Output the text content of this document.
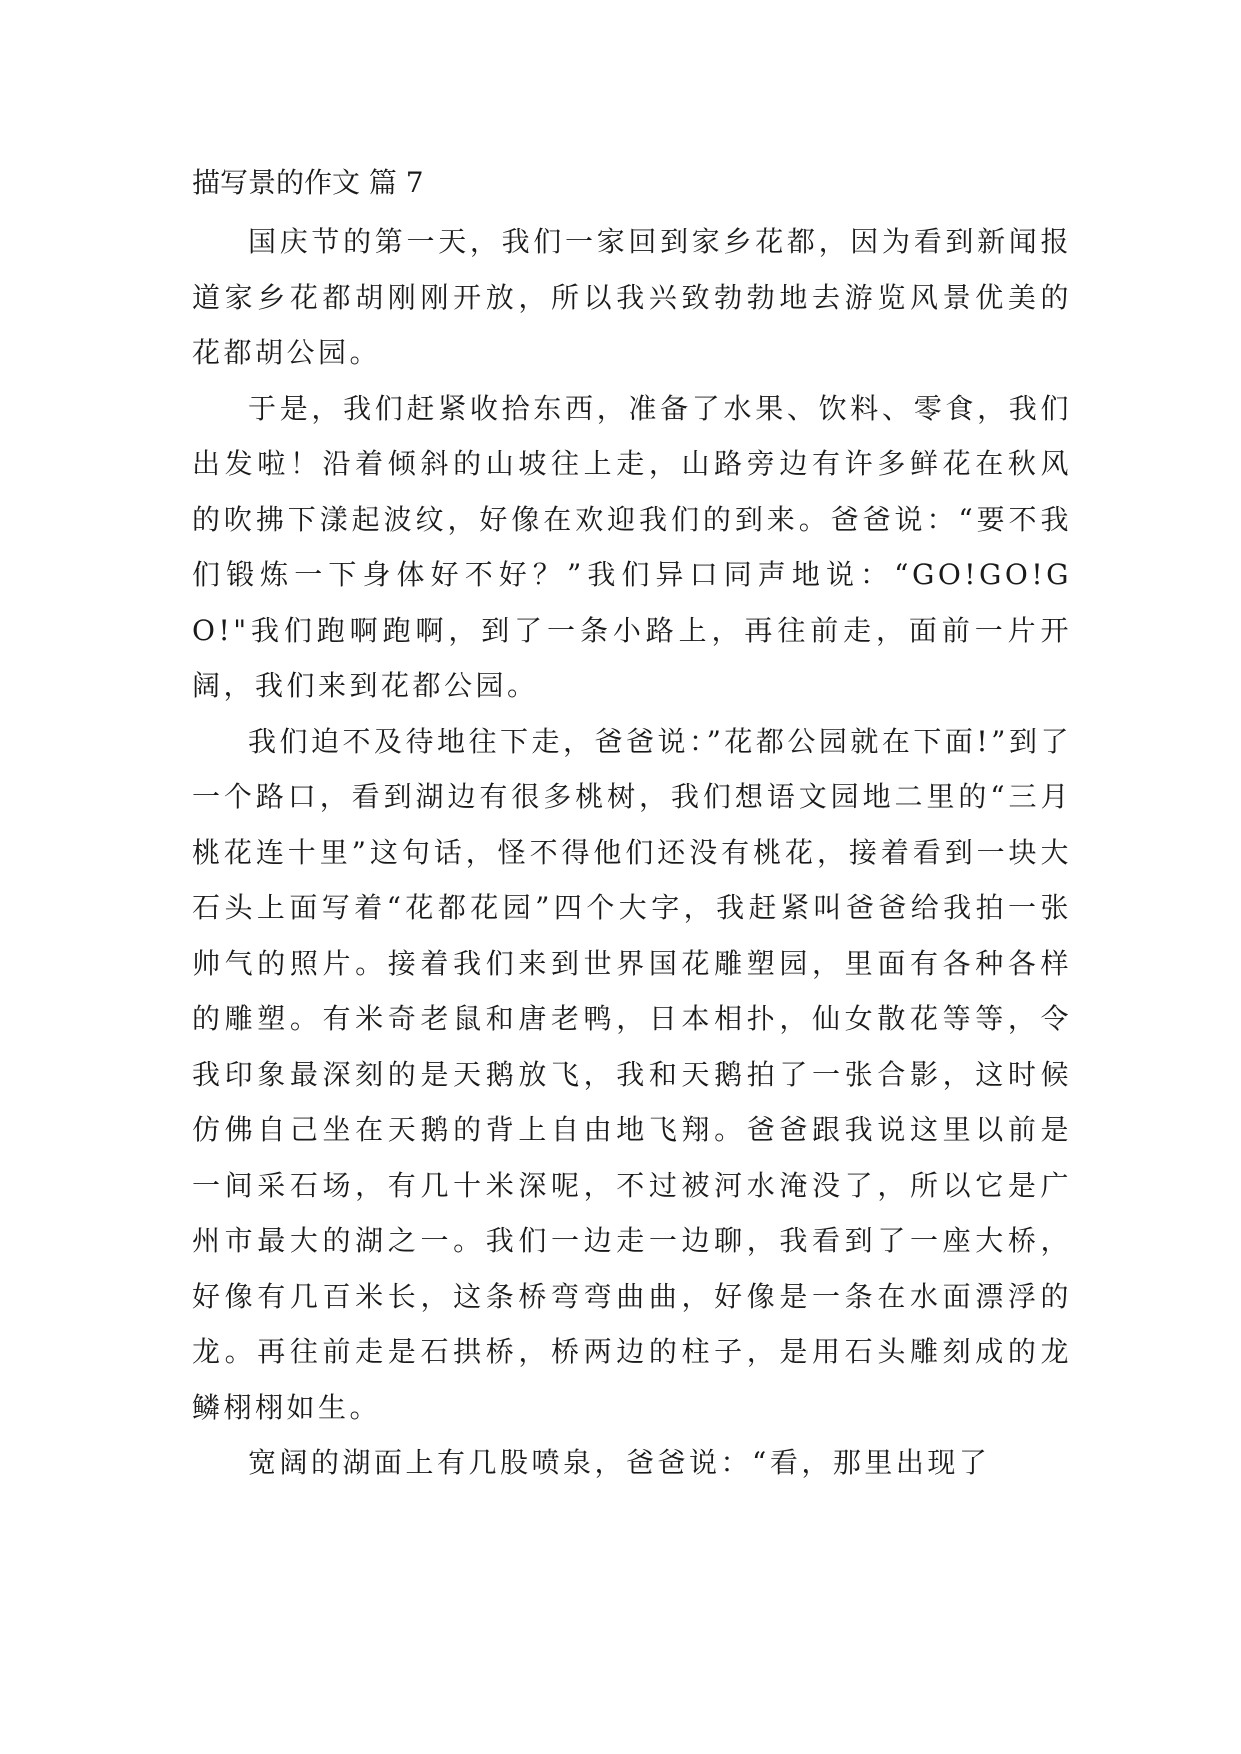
描写景的作文 篇 7

国庆节的第一天，我们一家回到家乡花都，因为看到新闻报道家乡花都胡刚刚开放，所以我兴致勃勃地去游览风景优美的花都胡公园。

于是，我们赶紧收拾东西，准备了水果、饮料、零食，我们出发啦！沿着倾斜的山坡往上走，山路旁边有许多鲜花在秋风的吹拂下漾起波纹，好像在欢迎我们的到来。爸爸说：“要不我们锻炼一下身体好不好？”我们异口同声地说：“GO!GO!GO!"我们跑啊跑啊，到了一条小路上，再往前走，面前一片开阔，我们来到花都公园。

我们迫不及待地往下走，爸爸说：”花都公园就在下面!”到了一个路口，看到湖边有很多桃树，我们想语文园地二里的“三月桃花连十里”这句话，怪不得他们还没有桃花，接着看到一块大石头上面写着“花都花园”四个大字，我赶紧叫爸爸给我拍一张帅气的照片。接着我们来到世界国花雕塑园，里面有各种各样的雕塑。有米奇老鼠和唐老鸭，日本相扑，仙女散花等等，令我印象最深刻的是天鹅放飞，我和天鹅拍了一张合影，这时候仿佛自己坐在天鹅的背上自由地飞翔。爸爸跟我说这里以前是一间采石场，有几十米深呢，不过被河水淹没了，所以它是广州市最大的湖之一。我们一边走一边聊，我看到了一座大桥，好像有几百米长，这条桥弯弯曲曲，好像是一条在水面漂浮的龙。再往前走是石拱桥，桥两边的柱子，是用石头雕刻成的龙鳞栩栩如生。

宽阔的湖面上有几股喷泉，爸爸说：“看，那里出现了
